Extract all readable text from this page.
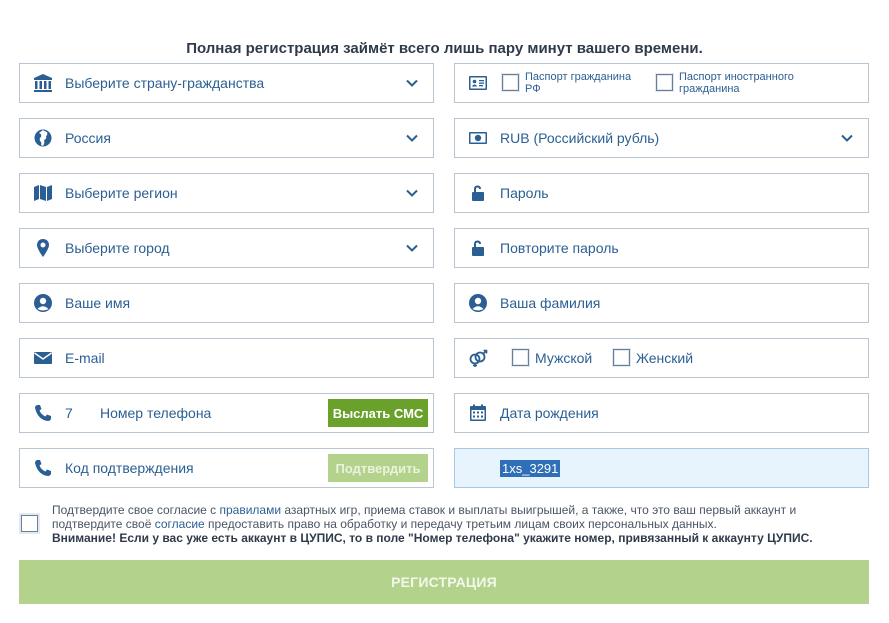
Полная регистрация займёт всего лишь пару минут вашего времени.
Выберите страну-гражданства
Россия
Выберите регион
Выберите город
Ваше имя
E-mail
7 Номер телефона	Выслать СМС
Код подтверждения	Подтвердить
Паспорт гражданина РФ
Паспорт иностранного гражданина
RUB (Российский рубль)
Пароль
Повторите пароль
Ваша фамилия
Мужской	Женский
Дата рождения
1xs_3291
Подтвердите свое согласие с правилами азартных игр, приема ставок и выплаты выигрышей, а также, что это ваш первый аккаунт и подтвердите своё согласие предоставить право на обработку и передачу третьим лицам своих персональных данных.
Внимание! Если у вас уже есть аккаунт в ЦУПИС, то в поле "Номер телефона" укажите номер, привязанный к аккаунту ЦУПИС.
РЕГИСТРАЦИЯ
